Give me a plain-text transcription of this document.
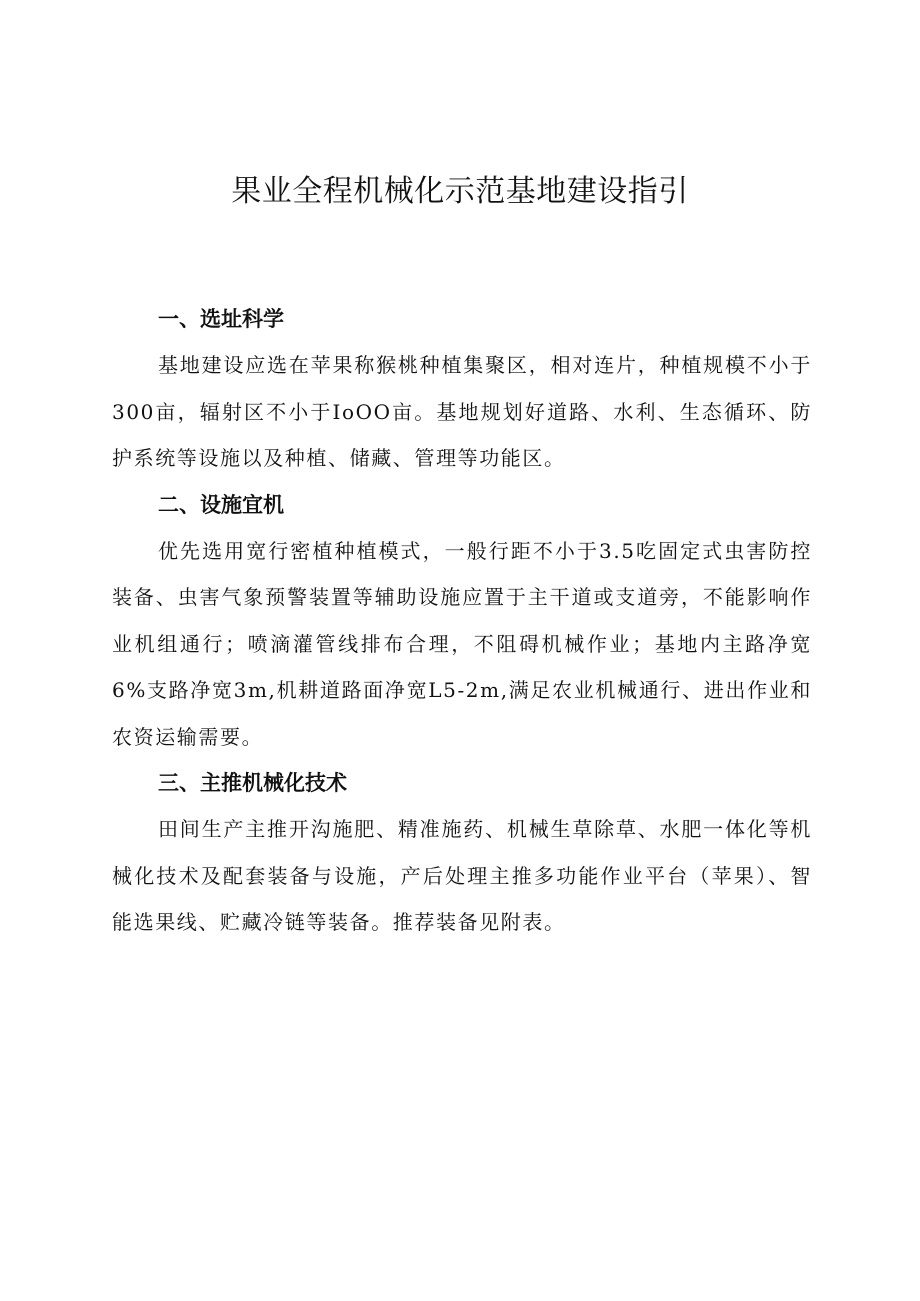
果业全程机械化示范基地建设指引
一、选址科学

基地建设应选在苹果称猴桃种植集聚区，相对连片，种植规模不小于300亩，辐射区不小于IoOO亩。基地规划好道路、水利、生态循环、防护系统等设施以及种植、储藏、管理等功能区。

二、设施宜机

优先选用宽行密植种植模式，一般行距不小于3.5吃固定式虫害防控装备、虫害气象预警装置等辅助设施应置于主干道或支道旁，不能影响作业机组通行；喷滴灌管线排布合理，不阻碍机械作业；基地内主路净宽6%支路净宽3m,机耕道路面净宽L5-2m,满足农业机械通行、进出作业和农资运输需要。

三、主推机械化技术

田间生产主推开沟施肥、精准施药、机械生草除草、水肥一体化等机械化技术及配套装备与设施，产后处理主推多功能作业平台（苹果）、智能选果线、贮藏冷链等装备。推荐装备见附表。
